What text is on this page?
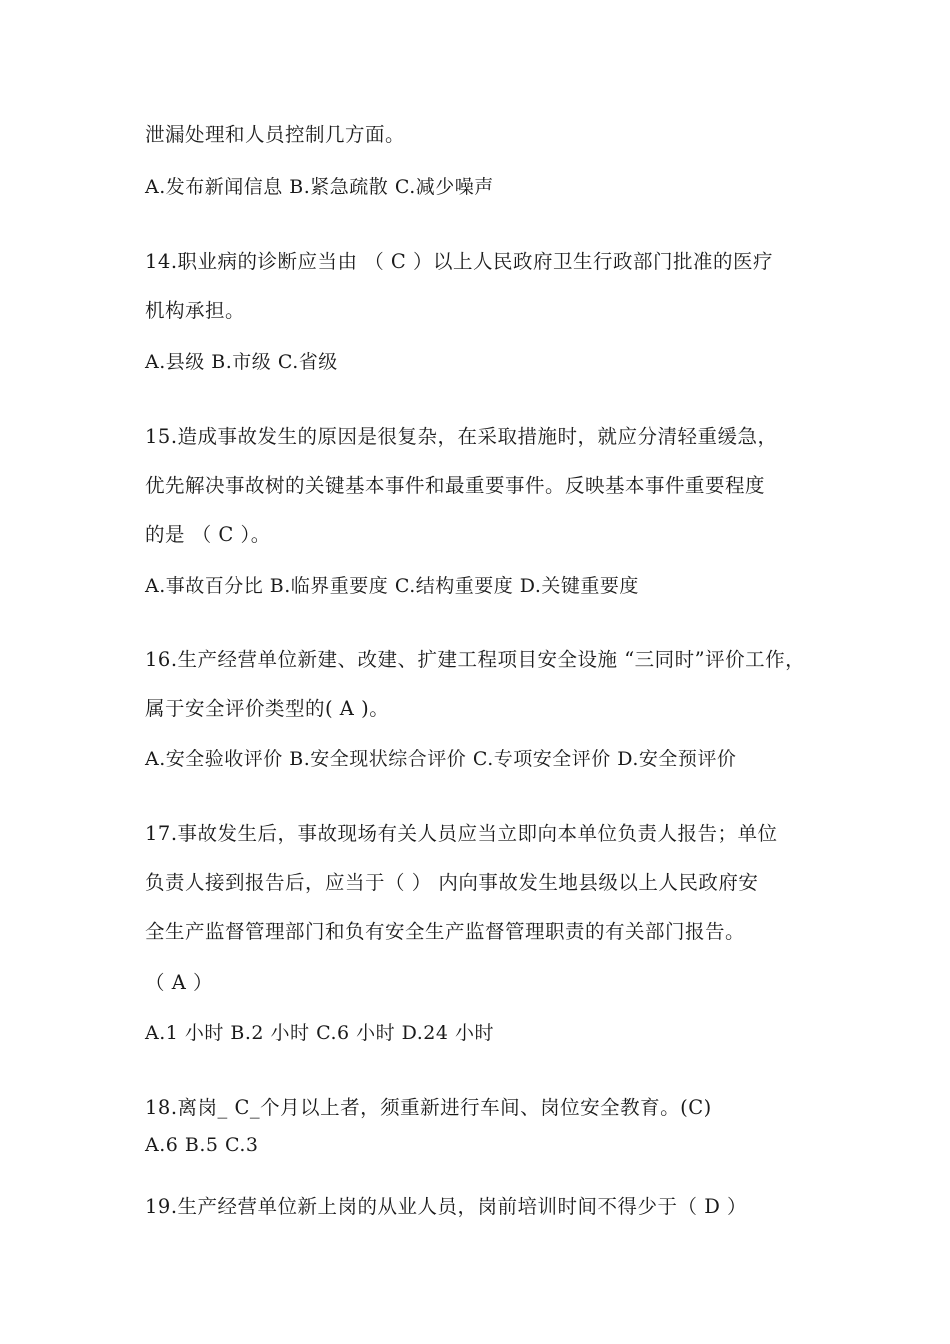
泄漏处理和人员控制几方面。
A.发布新闻信息 B.紧急疏散 C.减少噪声
14.职业病的诊断应当由 （ C ）以上人民政府卫生行政部门批准的医疗
机构承担。
A.县级 B.市级 C.省级
15.造成事故发生的原因是很复杂，在采取措施时，就应分清轻重缓急，
优先解决事故树的关键基本事件和最重要事件。反映基本事件重要程度
的是 （ C ）。
A.事故百分比 B.临界重要度 C.结构重要度 D.关键重要度
16.生产经营单位新建、改建、扩建工程项目安全设施 “三同时”评价工作，
属于安全评价类型的( A )。
A.安全验收评价 B.安全现状综合评价 C.专项安全评价 D.安全预评价
17.事故发生后，事故现场有关人员应当立即向本单位负责人报告；单位
负责人接到报告后，应当于（ ） 内向事故发生地县级以上人民政府安
全生产监督管理部门和负有安全生产监督管理职责的有关部门报告。
（ A ）
A.1 小时 B.2 小时 C.6 小时 D.24 小时
18.离岗_ C_个月以上者，须重新进行车间、岗位安全教育。(C)
A.6 B.5 C.3
19.生产经营单位新上岗的从业人员，岗前培训时间不得少于（ D ）
